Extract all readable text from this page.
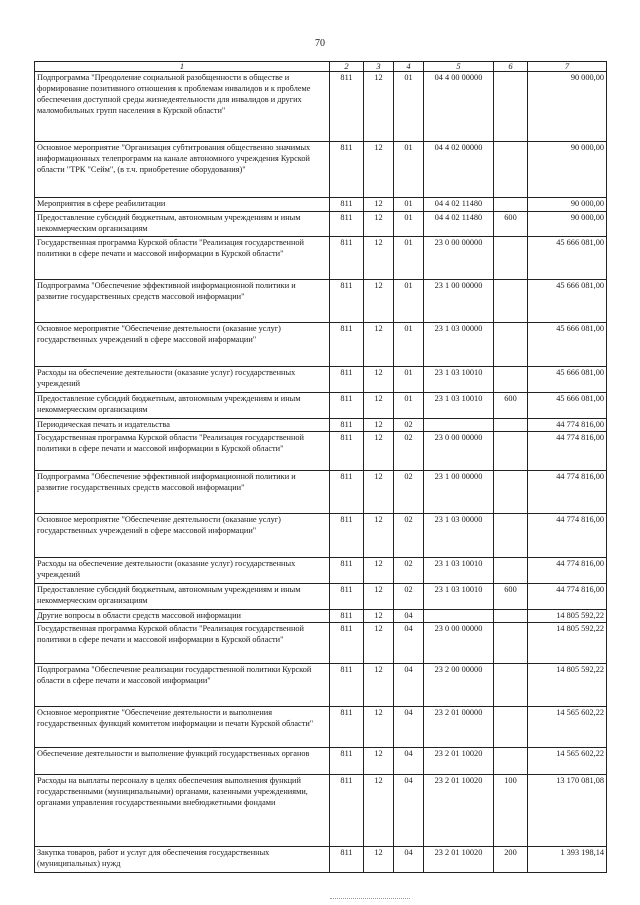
70
1	2	3	4	5	6	7
Подпрограмма "Преодоление социальной разобщенности в обществе и формирование позитивного отношения к проблемам инвалидов и к проблеме обеспечения доступной среды жизнедеятельности для инвалидов и других маломобильных групп населения в Курской области"	811	12	01	04 4 00 00000		90 000,00
Основное мероприятие "Организация субтитрования общественно значимых информационных телепрограмм на канале автономного учреждения Курской области "ТРК "Сейм", (в т.ч. приобретение оборудования)"	811	12	01	04 4 02 00000		90 000,00
Мероприятия в сфере реабилитации	811	12	01	04 4 02 11480		90 000,00
Предоставление субсидий бюджетным, автономным учреждениям и иным некоммерческим организациям	811	12	01	04 4 02 11480	600	90 000,00
Государственная программа Курской области "Реализация государственной политики в сфере печати и массовой информации в Курской области"	811	12	01	23 0 00 00000		45 666 081,00
Подпрограмма "Обеспечение эффективной информационной политики и развитие государственных средств массовой информации"	811	12	01	23 1 00 00000		45 666 081,00
Основное мероприятие "Обеспечение деятельности (оказание услуг) государственных учреждений в сфере массовой информации"	811	12	01	23 1 03 00000		45 666 081,00
Расходы на обеспечение деятельности (оказание услуг) государственных учреждений	811	12	01	23 1 03 10010		45 666 081,00
Предоставление субсидий бюджетным, автономным учреждениям и иным некоммерческим организациям	811	12	01	23 1 03 10010	600	45 666 081,00
Периодическая печать и издательства	811	12	02			44 774 816,00
Государственная программа Курской области "Реализация государственной политики в сфере печати и массовой информации в Курской области"	811	12	02	23 0 00 00000		44 774 816,00
Подпрограмма "Обеспечение эффективной информационной политики и развитие государственных средств массовой информации"	811	12	02	23 1 00 00000		44 774 816,00
Основное мероприятие "Обеспечение деятельности (оказание услуг) государственных учреждений в сфере массовой информации"	811	12	02	23 1 03 00000		44 774 816,00
Расходы на обеспечение деятельности (оказание услуг) государственных учреждений	811	12	02	23 1 03 10010		44 774 816,00
Предоставление субсидий бюджетным, автономным учреждениям и иным некоммерческим организациям	811	12	02	23 1 03 10010	600	44 774 816,00
Другие вопросы в области средств массовой информации	811	12	04			14 805 592,22
Государственная программа Курской области "Реализация государственной политики в сфере печати и массовой информации в Курской области"	811	12	04	23 0 00 00000		14 805 592,22
Подпрограмма "Обеспечение реализации государственной политики Курской области в сфере печати и массовой информации"	811	12	04	23 2 00 00000		14 805 592,22
Основное мероприятие "Обеспечение деятельности и выполнения государственных функций комитетом информации и печати Курской области"	811	12	04	23 2 01 00000		14 565 602,22
Обеспечение деятельности и выполнение функций государственных органов	811	12	04	23 2 01 10020		14 565 602,22
Расходы на выплаты персоналу в целях обеспечения выполнения функций государственными (муниципальными) органами, казенными учреждениями, органами управления государственными внебюджетными фондами	811	12	04	23 2 01 10020	100	13 170 081,08
Закупка товаров, работ и услуг для обеспечения государственных (муниципальных) нужд	811	12	04	23 2 01 10020	200	1 393 198,14
